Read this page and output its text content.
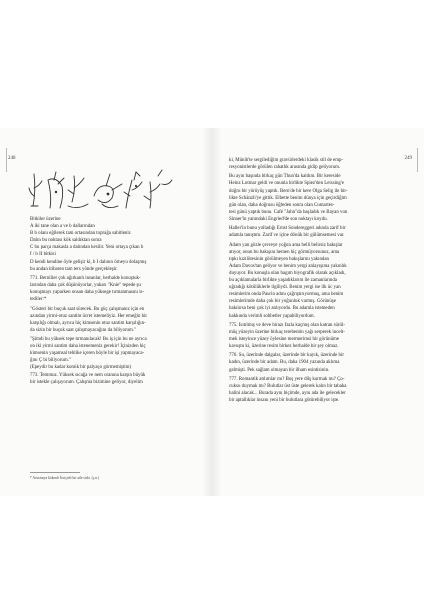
248

Bitkiler üzerine

A iki tane olan a ve b dallarından

B b olanı eğilerek tam ortasından toprağa sabitlenir.

Dalın bu noktası kök saldıktan sonra

C bu parça makasla a dalından kesilir. Yeni ortaya çıkan b

f / b II bitkisi

D kendi kendine öyle gelişir ki, b I dalının örneyu dolaşmış

bu andan itibaren tam ters yönde gerçekleşir.

771. Bernliler çok ağırkanlı insanlar, herhalde konuştuk-

larından daha çok düşünüyorlar, yukarı "Knie" tepede şu

konuşmayı yaparken onsan daha yüksege tırmanmasını is-

tediler:*

"Gösteri bir buçuk saat sürecek. Bu güç çalışmanız için en

azından yirmi-otuz santim ücret istemeliyiz. Her emeğin bir

karşılığı olmalı, ayrıca hiç kimsenin otuz santim karşılığın-

da sizin bir buçuk saat çalışmayacağını da biliyorum."

"Şimdi bu yüksek tepe tırmanılacak! Bu iş için bu ne ayrıca

on iki yirmi santim daha istenemeniz gerekir! İçinizden hiç

kimsenin yaşamsal tehlike içeren böyle bir işi yapmayaca-

ğını Ç bi biliyorum."

(Epeydir bu kadar komik bir palyaço görmemiştim)

773. Temmuz. Yüksek sıcağa ve nem oranına karşın büyük

bir istekle çalışıyorum. Çalışma bizimine geliyor, diyelim

* Avusturya kökenli İsviçreli bir aile sirki. (ç.n.)
249

ki, Münih'te sergilediğim gravürlerdeki klasik stil de emp-

resyonistlerde görülen rahatlık arasında gidip geliyorum.

Bu ayın başında birkaç gün Thun'da kaldım. Bir kereside

Heinz Lotmar geldi ve onunla birlikte Spiez'den Leissing'e

doğru bir yürüyüş yaptık. Bern'de bir kere Olga Selig ile bir-

likte Schänzli'ye gittik. Elbette benim dünya için geçirdiğim

gün olan, daha doğrusu öğleden sonra olan Cumartes-

tesi günü yaptık bunu. Café "Jahn"da başladık ve Bayan von

Sinner'in yanındaki Engried'de son noktayı koydu.

Haller'in bunu yolladığı Ernst Sondereggeri adında zarif bir

adamla tanıştım. Zarif ve içine dönük bir gülümsemesi var.

Adam yan gözle çevreye yoğun ama belli belirsiz bakışlar

atıyor, onun bu bakışını hemen hiç görmüyorsunuz, ama

tıpkı kızılötesinin görülmeyen bakışlarını yakından

Adam Davos'tan geliyor ve benim yergi anlayışıma yakınlık

duyuyor. Bu konuşla olan bagım biyografik olarak açıkladı,

bu açıklamalarla birlikte yaşadıklarım ile zamanlarında

uğradığı kötülüklerle ilgiliydi. Benim yergi ise ilk üc yan

resimlerim onda Pascin adını çağrıştırıyormuş, ama benim

resimlerimde daha çok bir yoğunluk varmış. Görünüşe

bakılırsa beni çok iyi anlıyordu. Bu adamla istemeden

hakkında verimli sohbetler yapabiliyordum.

775. Isıtılmış ve deve birazı fazla kaçmış olan katran sürül-

müş yüzeyin üzerine birkaç terebentin yağı serperek incelt-

mek isteyince yüzey öylesine mermerimsi bir görünüme

kavuştu ki, üzerine resim birkez herhalde bir şey olmaz.

776. Su, üzerinde dalgalar, üzerinde bir kayık, üzerinde bir

kadın, üzerinde bir adam. Bu, daha 1904 yazında aklıma

gelmişti. Pek sağlam olmayan bir ilham esintisinin.

777. Romantik atılımlar mı? Boş yere dilş kurmak mı? Ço-

cuksu duymak mı? Bulutlar üst üste gelerek kalın bir tabaka

halini alacak... Burada aynı biçimde, aynı ada ile gelecekler

bir aptallıklar insanı yeni bir bulutlara götürebiliyor işte.
